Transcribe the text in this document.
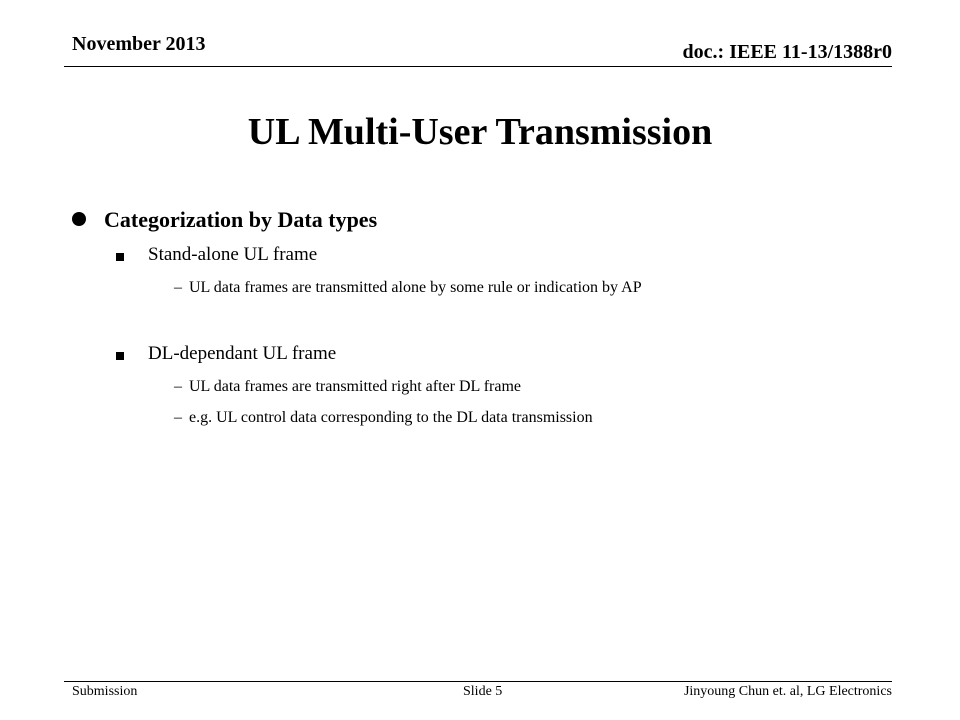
November 2013	doc.: IEEE 11-13/1388r0
UL Multi-User Transmission
Categorization by Data types
Stand-alone UL frame
– UL data frames are transmitted alone by some rule or indication by AP
DL-dependant UL frame
– UL data frames are transmitted right after DL frame
– e.g. UL control data corresponding to the DL data transmission
Submission	Slide 5	Jinyoung Chun et. al, LG Electronics
